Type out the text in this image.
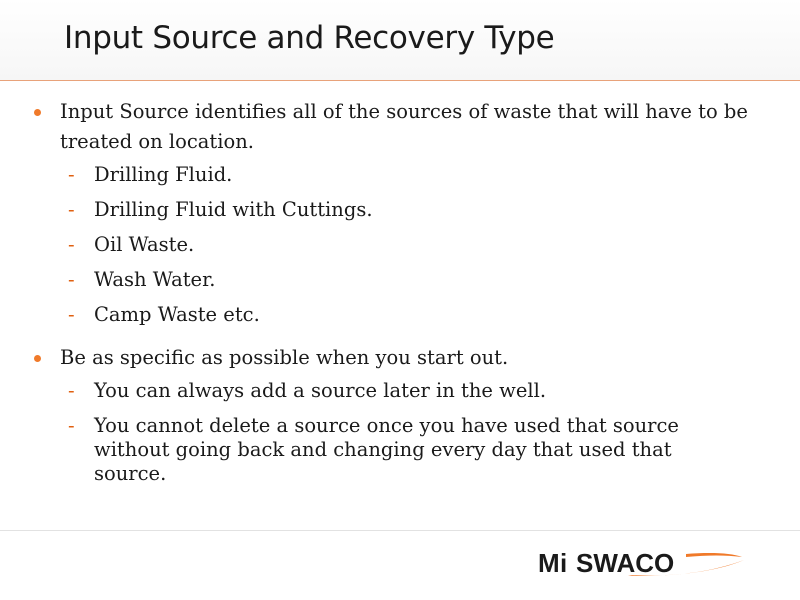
Input Source and Recovery Type
Input Source identifies all of the sources of waste that will have to be treated on location.
- Drilling Fluid.
- Drilling Fluid with Cuttings.
- Oil Waste.
- Wash Water.
- Camp Waste etc.
Be as specific as possible when you start out.
- You can always add a source later in the well.
- You cannot delete a source once you have used that source without going back and changing every day that used that source.
M i SWACO
